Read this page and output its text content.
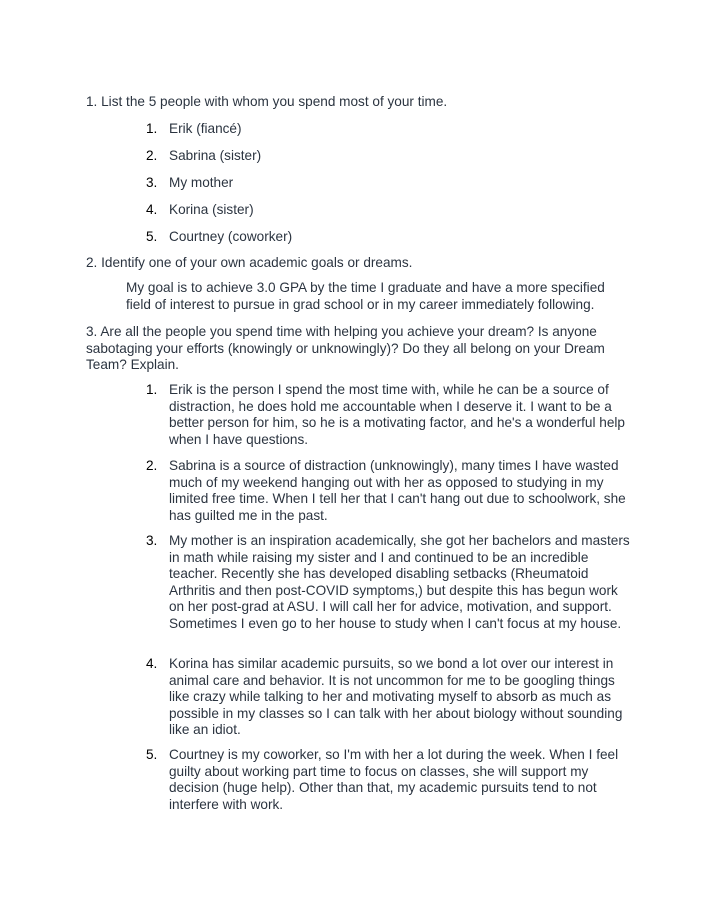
1. List the 5 people with whom you spend most of your time.

1. Erik (fiancé)
2. Sabrina (sister)
3. My mother
4. Korina (sister)
5. Courtney (coworker)

2. Identify one of your own academic goals or dreams.

My goal is to achieve 3.0 GPA by the time I graduate and have a more specified field of interest to pursue in grad school or in my career immediately following.

3. Are all the people you spend time with helping you achieve your dream? Is anyone sabotaging your efforts (knowingly or unknowingly)? Do they all belong on your Dream Team? Explain.

1. Erik is the person I spend the most time with, while he can be a source of distraction, he does hold me accountable when I deserve it. I want to be a better person for him, so he is a motivating factor, and he's a wonderful help when I have questions.
2. Sabrina is a source of distraction (unknowingly), many times I have wasted much of my weekend hanging out with her as opposed to studying in my limited free time. When I tell her that I can't hang out due to schoolwork, she has guilted me in the past.
3. My mother is an inspiration academically, she got her bachelors and masters in math while raising my sister and I and continued to be an incredible teacher. Recently she has developed disabling setbacks (Rheumatoid Arthritis and then post-COVID symptoms,) but despite this has begun work on her post-grad at ASU. I will call her for advice, motivation, and support. Sometimes I even go to her house to study when I can't focus at my house.
4. Korina has similar academic pursuits, so we bond a lot over our interest in animal care and behavior. It is not uncommon for me to be googling things like crazy while talking to her and motivating myself to absorb as much as possible in my classes so I can talk with her about biology without sounding like an idiot.
5. Courtney is my coworker, so I'm with her a lot during the week. When I feel guilty about working part time to focus on classes, she will support my decision (huge help). Other than that, my academic pursuits tend to not interfere with work.
